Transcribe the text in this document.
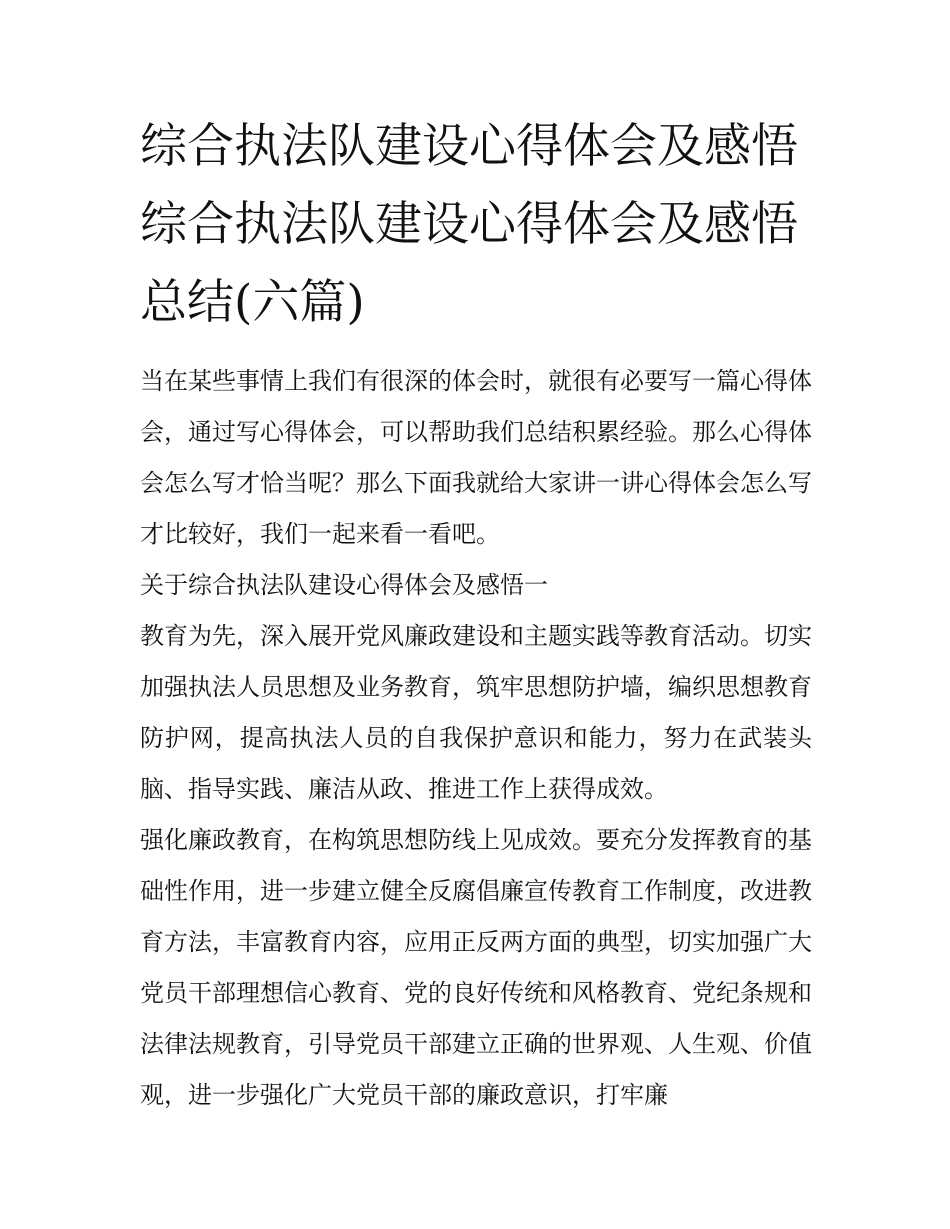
综合执法队建设心得体会及感悟 综合执法队建设心得体会及感悟总结(六篇)

当在某些事情上我们有很深的体会时，就很有必要写一篇心得体会，通过写心得体会，可以帮助我们总结积累经验。那么心得体会怎么写才恰当呢？那么下面我就给大家讲一讲心得体会怎么写才比较好，我们一起来看一看吧。

关于综合执法队建设心得体会及感悟一

教育为先，深入展开党风廉政建设和主题实践等教育活动。切实加强执法人员思想及业务教育，筑牢思想防护墙，编织思想教育防护网，提高执法人员的自我保护意识和能力，努力在武装头脑、指导实践、廉洁从政、推进工作上获得成效。

强化廉政教育，在构筑思想防线上见成效。要充分发挥教育的基础性作用，进一步建立健全反腐倡廉宣传教育工作制度，改进教育方法，丰富教育内容，应用正反两方面的典型，切实加强广大党员干部理想信心教育、党的良好传统和风格教育、党纪条规和法律法规教育，引导党员干部建立正确的世界观、人生观、价值观，进一步强化广大党员干部的廉政意识，打牢廉
